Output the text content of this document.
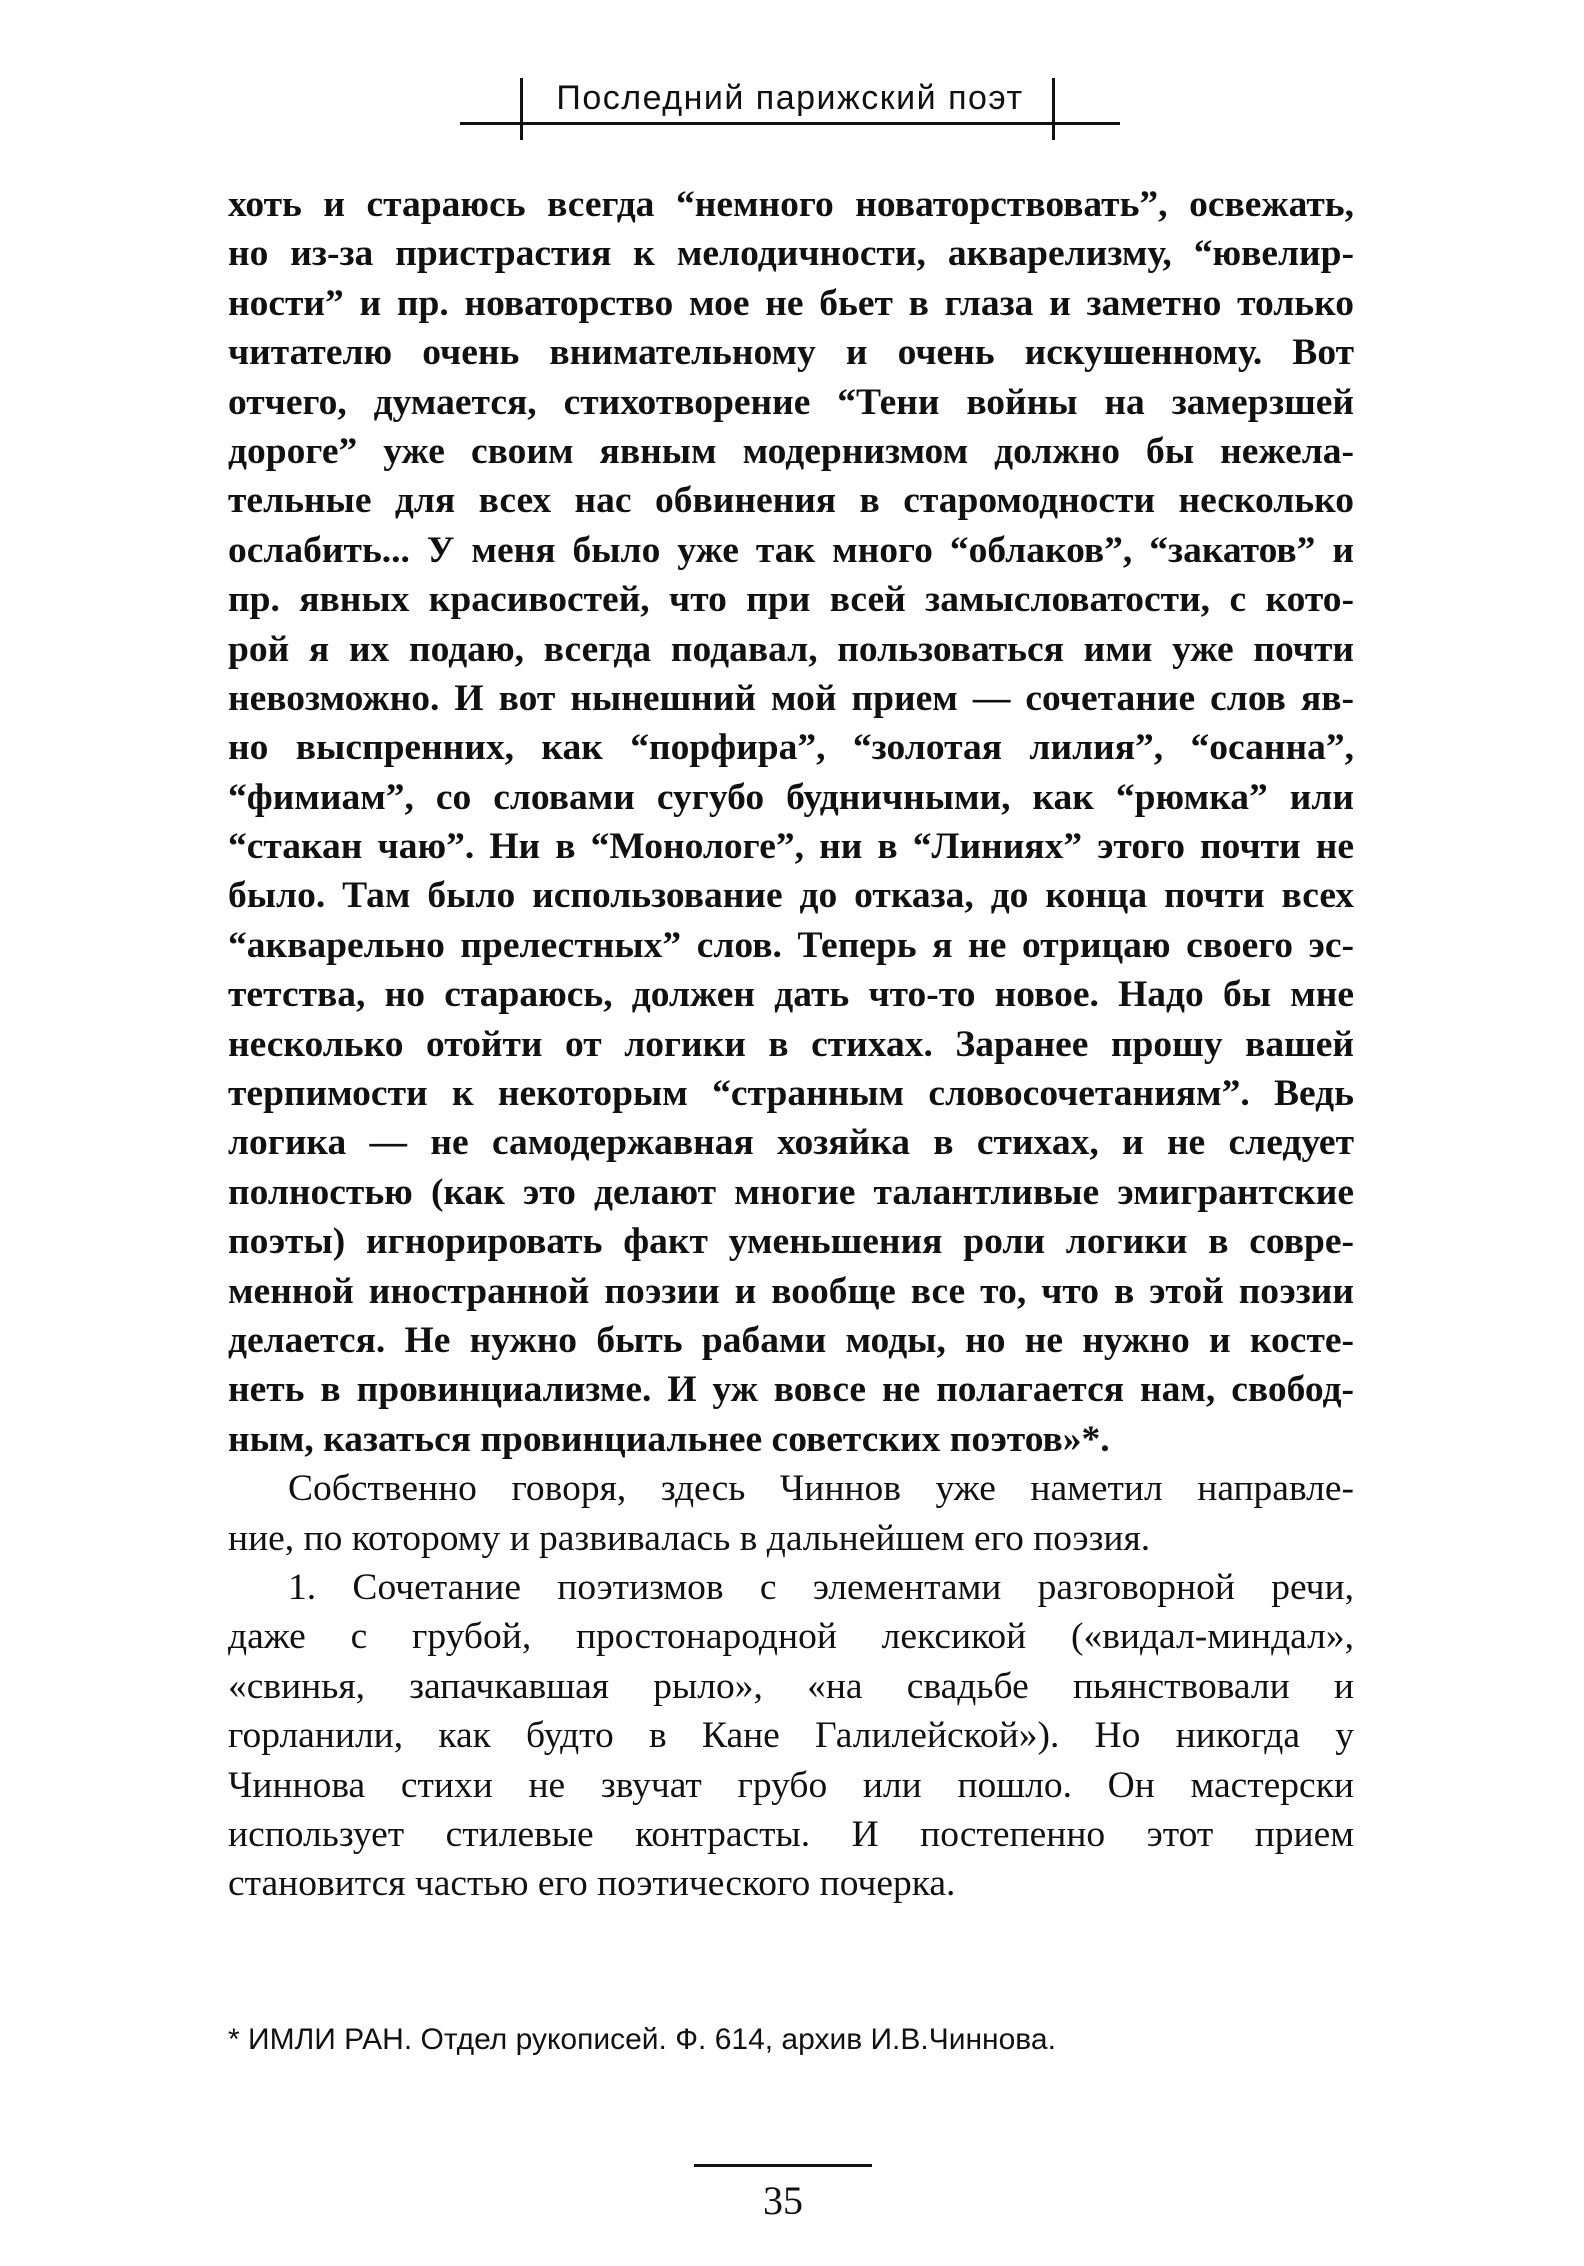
Последний парижский поэт
хоть и стараюсь всегда “немного новаторствовать”, освежать,
но из-за пристрастия к мелодичности, акварелизму, “ювелир-
ности” и пр. новаторство мое не бьет в глаза и заметно только
читателю очень внимательному и очень искушенному. Вот
отчего, думается, стихотворение “Тени войны на замерзшей
дороге” уже своим явным модернизмом должно бы нежела-
тельные для всех нас обвинения в старомодности несколько
ослабить... У меня было уже так много “облаков”, “закатов” и
пр. явных красивостей, что при всей замысловатости, с кото-
рой я их подаю, всегда подавал, пользоваться ими уже почти
невозможно. И вот нынешний мой прием — сочетание слов яв-
но выспренних, как “порфира”, “золотая лилия”, “осанна”,
“фимиам”, со словами сугубо будничными, как “рюмка” или
“стакан чаю”. Ни в “Монологе”, ни в “Линиях” этого почти не
было. Там было использование до отказа, до конца почти всех
“акварельно прелестных” слов. Теперь я не отрицаю своего эс-
тетства, но стараюсь, должен дать что-то новое. Надо бы мне
несколько отойти от логики в стихах. Заранее прошу вашей
терпимости к некоторым “странным словосочетаниям”. Ведь
логика — не самодержавная хозяйка в стихах, и не следует
полностью (как это делают многие талантливые эмигрантские
поэты) игнорировать факт уменьшения роли логики в совре-
менной иностранной поэзии и вообще все то, что в этой поэзии
делается. Не нужно быть рабами моды, но не нужно и косте-
неть в провинциализме. И уж вовсе не полагается нам, свобод-
ным, казаться провинциальнее советских поэтов»*.
Собственно говоря, здесь Чиннов уже наметил направле-
ние, по которому и развивалась в дальнейшем его поэзия.
1. Сочетание поэтизмов с элементами разговорной речи,
даже с грубой, простонародной лексикой («видал-миндал»,
«свинья, запачкавшая рыло», «на свадьбе пьянствовали и
горланили, как будто в Кане Галилейской»). Но никогда у
Чиннова стихи не звучат грубо или пошло. Он мастерски
использует стилевые контрасты. И постепенно этот прием
становится частью его поэтического почерка.
* ИМЛИ РАН. Отдел рукописей. Ф. 614, архив И.В.Чиннова.
35
